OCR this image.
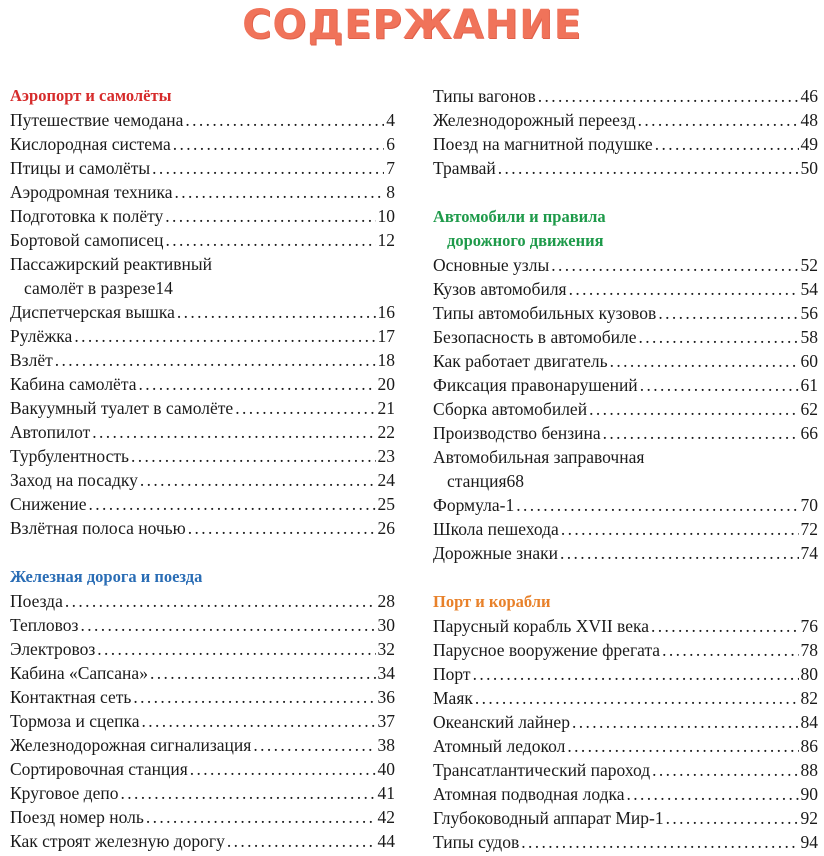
СОДЕРЖАНИЕ
Аэропорт и самолёты
Путешествие чемодана . . .	4
Кислородная система . . .	6
Птицы и самолёты . . .	7
Аэродромная техника . . .	8
Подготовка к полёту . . .	10
Бортовой самописец . . .	12
Пассажирский реактивный
самолёт в разрезе 14
Диспетчерская вышка . . .	16
Рулёжка . . .	17
Взлёт . . .	18
Кабина самолёта . . .	20
Вакуумный туалет в самолёте . . .	21
Автопилот . . .	22
Турбулентность . . .	23
Заход на посадку . . .	24
Снижение . . .	25
Взлётная полоса ночью . . .	26
Железная дорога и поезда
Поезда . . .	28
Тепловоз . . .	30
Электровоз . . .	32
Кабина «Сапсана» . . .	34
Контактная сеть . . .	36
Тормоза и сцепка . . .	37
Железнодорожная сигнализация . . .	38
Сортировочная станция . . .	40
Круговое депо . . .	41
Поезд номер ноль . . .	42
Как строят железную дорогу . . .	44
Типы вагонов . . .	46
Железнодорожный переезд . . .	48
Поезд на магнитной подушке . . .	49
Трамвай . . .	50
Автомобили и правила
дорожного движения
Основные узлы . . .	52
Кузов автомобиля . . .	54
Типы автомобильных кузовов . . .	56
Безопасность в автомобиле . . .	58
Как работает двигатель . . .	60
Фиксация правонарушений . . .	61
Сборка автомобилей . . .	62
Производство бензина . . .	66
Автомобильная заправочная
станция 68
Формула-1 . . .	70
Школа пешехода . . .	72
Дорожные знаки . . .	74
Порт и корабли
Парусный корабль XVII века . . .	76
Парусное вооружение фрегата . . .	78
Порт . . .	80
Маяк . . .	82
Океанский лайнер . . .	84
Атомный ледокол . . .	86
Трансатлантический пароход . . .	88
Атомная подводная лодка . . .	90
Глубоководный аппарат Мир-1 . . .	92
Типы судов . . .	94
